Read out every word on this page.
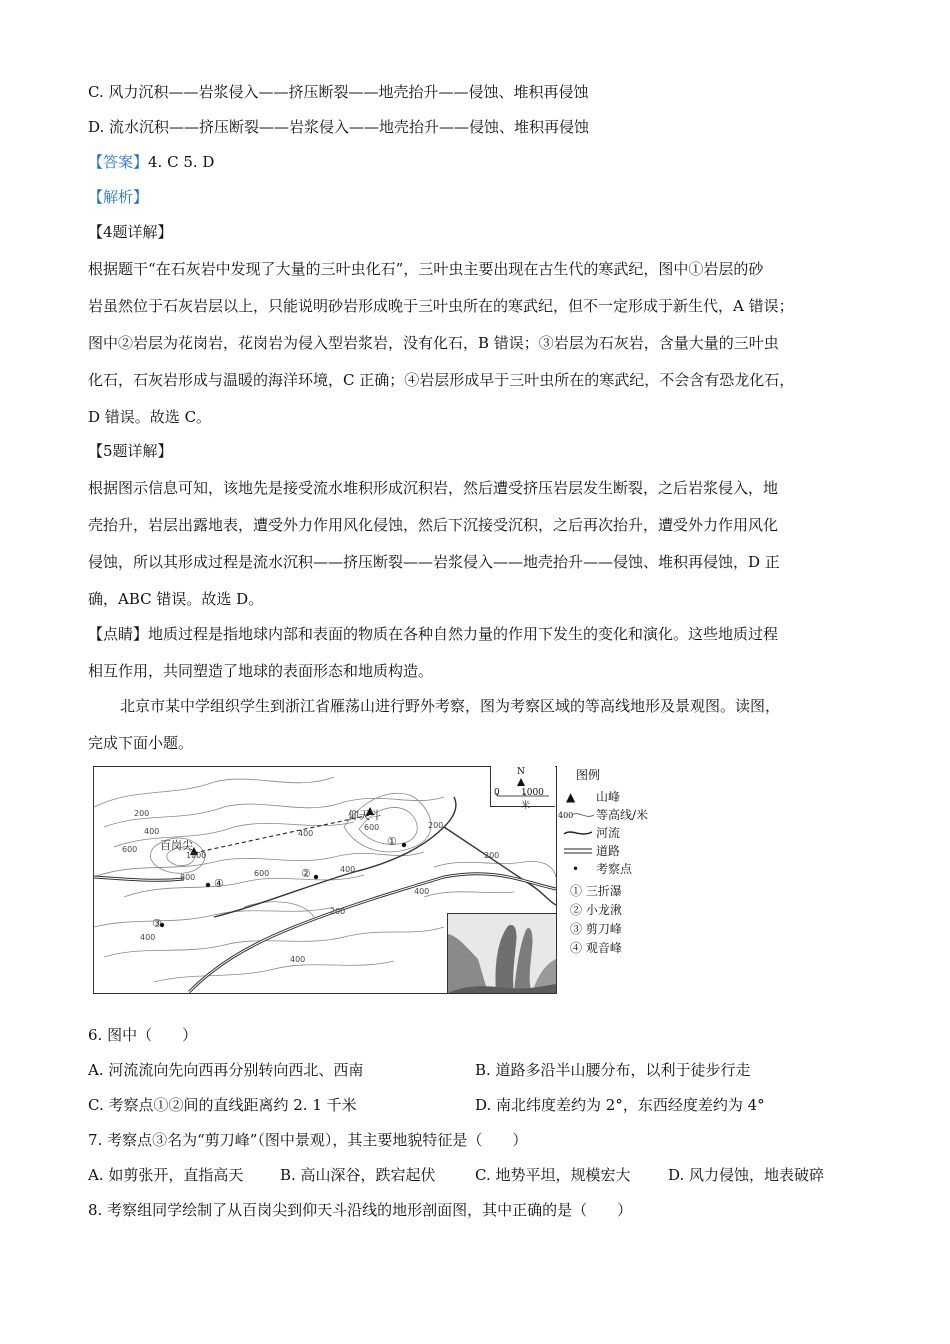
C. 风力沉积——岩浆侵入——挤压断裂——地壳抬升——侵蚀、堆积再侵蚀
D. 流水沉积——挤压断裂——岩浆侵入——地壳抬升——侵蚀、堆积再侵蚀
【答案】4. C 5. D
【解析】
【4题详解】
根据题干“在石灰岩中发现了大量的三叶虫化石”，三叶虫主要出现在古生代的寒武纪，图中①岩层的砂
岩虽然位于石灰岩层以上，只能说明砂岩形成晚于三叶虫所在的寒武纪，但不一定形成于新生代，A 错误；
图中②岩层为花岗岩，花岗岩为侵入型岩浆岩，没有化石，B 错误；③岩层为石灰岩，含量大量的三叶虫
化石，石灰岩形成与温暖的海洋环境，C 正确；④岩层形成早于三叶虫所在的寒武纪，不会含有恐龙化石，
D 错误。故选 C。
【5题详解】
根据图示信息可知，该地先是接受流水堆积形成沉积岩，然后遭受挤压岩层发生断裂，之后岩浆侵入，地
壳抬升，岩层出露地表，遭受外力作用风化侵蚀，然后下沉接受沉积，之后再次抬升，遭受外力作用风化
侵蚀，所以其形成过程是流水沉积——挤压断裂——岩浆侵入——地壳抬升——侵蚀、堆积再侵蚀，D 正
确，ABC 错误。故选 D。
【点睛】地质过程是指地球内部和表面的物质在各种自然力量的作用下发生的变化和演化。这些地质过程
相互作用，共同塑造了地球的表面形态和地质构造。
北京市某中学组织学生到浙江省雁荡山进行野外考察，图为考察区域的等高线地形及景观图。读图，
完成下面小题。
仰天斗
百岗尖	①
②
③
④
200
400
600
800
1000
400
600
400
200
200
400
200
400
400
600
N
0 1000 米
图例
▲ 山峰
400 等高线/米
河流
道路
• 考察点
① 三折瀑
② 小龙湫
③ 剪刀峰
④ 观音峰
6. 图中（　　）
A. 河流流向先向西再分别转向西北、西南	B. 道路多沿半山腰分布，以利于徒步行走
C. 考察点①②间的直线距离约 2. 1 千米	D. 南北纬度差约为 2°，东西经度差约为 4°
7. 考察点③名为“剪刀峰”（图中景观），其主要地貌特征是（　　）
A. 如剪张开，直指高天 B. 高山深谷，跌宕起伏	C. 地势平坦，规模宏大	D. 风力侵蚀，地表破碎
8. 考察组同学绘制了从百岗尖到仰天斗沿线的地形剖面图，其中正确的是（　　）
